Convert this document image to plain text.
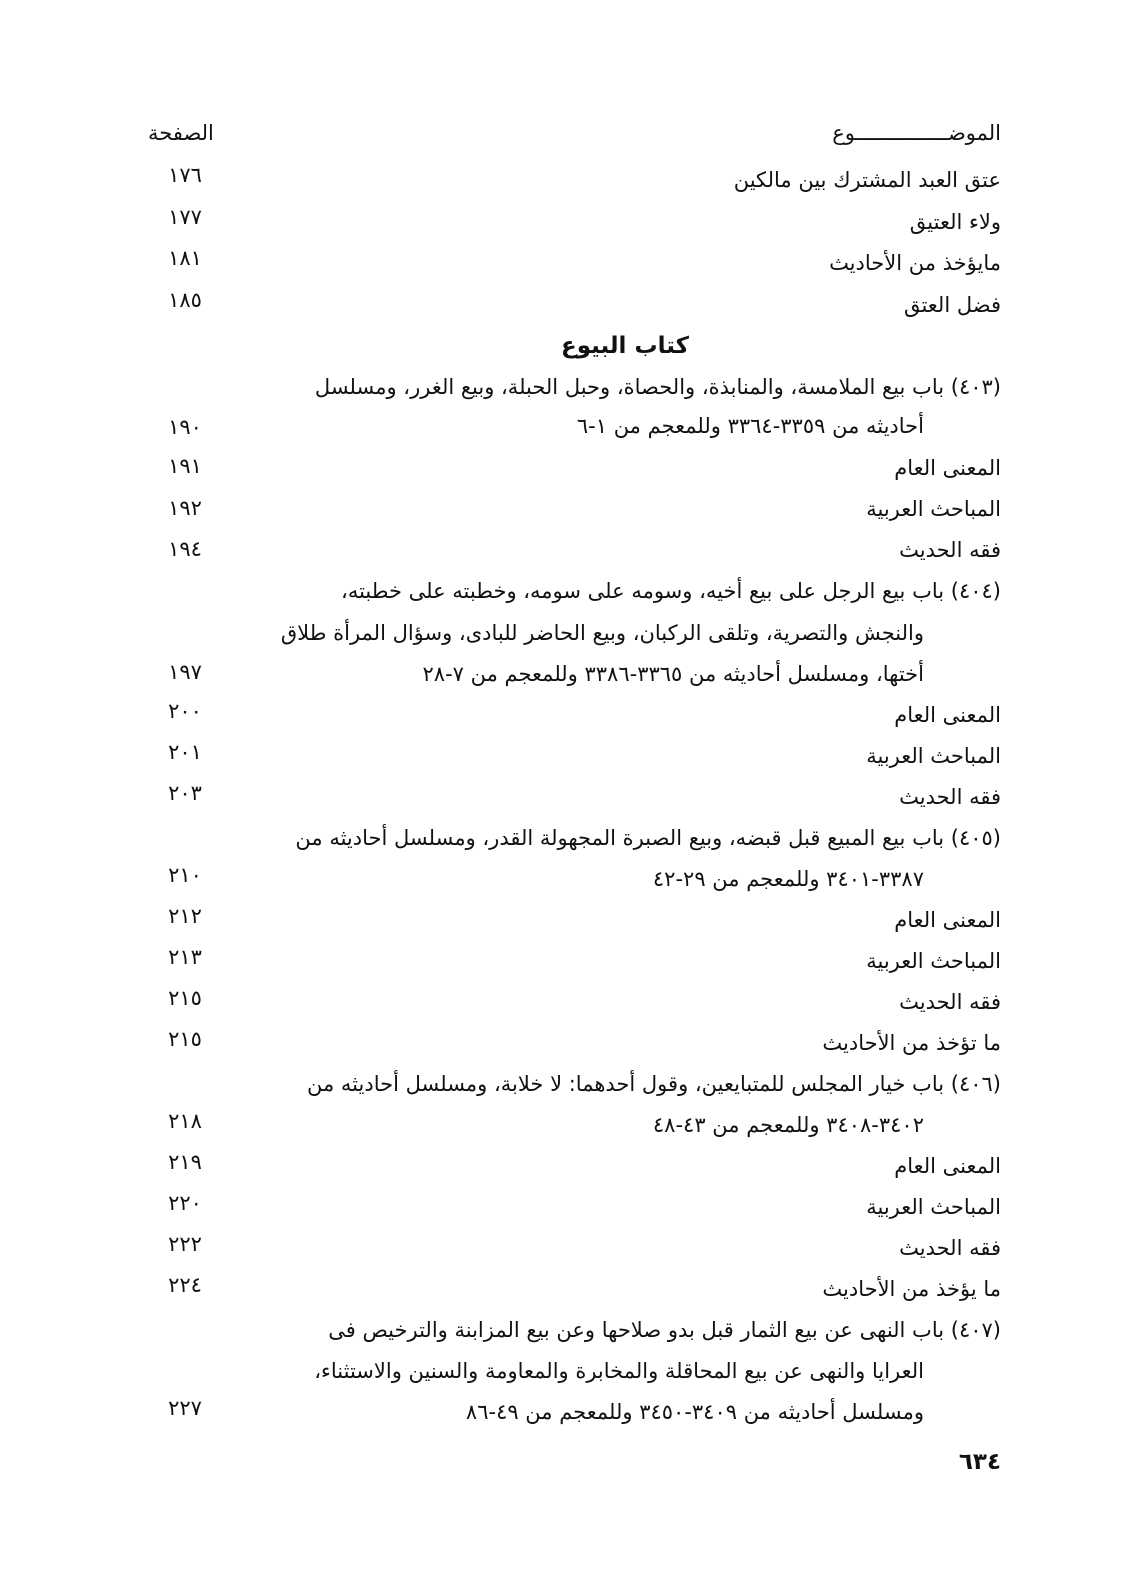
الموضـــــــــــــــوع
الصفحة
عتق العبد المشترك بين مالكين
١٧٦
ولاء العتيق
١٧٧
مايؤخذ من الأحاديث
١٨١
فضل العتق
١٨٥
كتاب البيوع
(٤٠٣) باب بيع الملامسة، والمنابذة، والحصاة، وحبل الحبلة، وبيع الغرر، ومسلسل
أحاديثه من ٣٣٥٩-٣٣٦٤ وللمعجم من ١-٦
١٩٠
المعنى العام
١٩١
المباحث العربية
١٩٢
فقه الحديث
١٩٤
(٤٠٤) باب بيع الرجل على بيع أخيه، وسومه على سومه، وخطبته على خطبته،
والنجش والتصرية، وتلقى الركبان، وبيع الحاضر للبادى، وسؤال المرأة طلاق
أختها، ومسلسل أحاديثه من ٣٣٦٥-٣٣٨٦ وللمعجم من ٧-٢٨
١٩٧
المعنى العام
٢٠٠
المباحث العربية
٢٠١
فقه الحديث
٢٠٣
(٤٠٥) باب بيع المبيع قبل قبضه، وبيع الصبرة المجهولة القدر، ومسلسل أحاديثه من
٣٣٨٧-٣٤٠١ وللمعجم من ٢٩-٤٢
٢١٠
المعنى العام
٢١٢
المباحث العربية
٢١٣
فقه الحديث
٢١٥
ما تؤخذ من الأحاديث
٢١٥
(٤٠٦) باب خيار المجلس للمتبايعين، وقول أحدهما: لا خلابة، ومسلسل أحاديثه من
٣٤٠٢-٣٤٠٨ وللمعجم من ٤٣-٤٨
٢١٨
المعنى العام
٢١٩
المباحث العربية
٢٢٠
فقه الحديث
٢٢٢
ما يؤخذ من الأحاديث
٢٢٤
(٤٠٧) باب النهى عن بيع الثمار قبل بدو صلاحها وعن بيع المزابنة والترخيص فى
العرايا والنهى عن بيع المحاقلة والمخابرة والمعاومة والسنين والاستثناء،
ومسلسل أحاديثه من ٣٤٠٩-٣٤٥٠ وللمعجم من ٤٩-٨٦
٢٢٧
٦٣٤
